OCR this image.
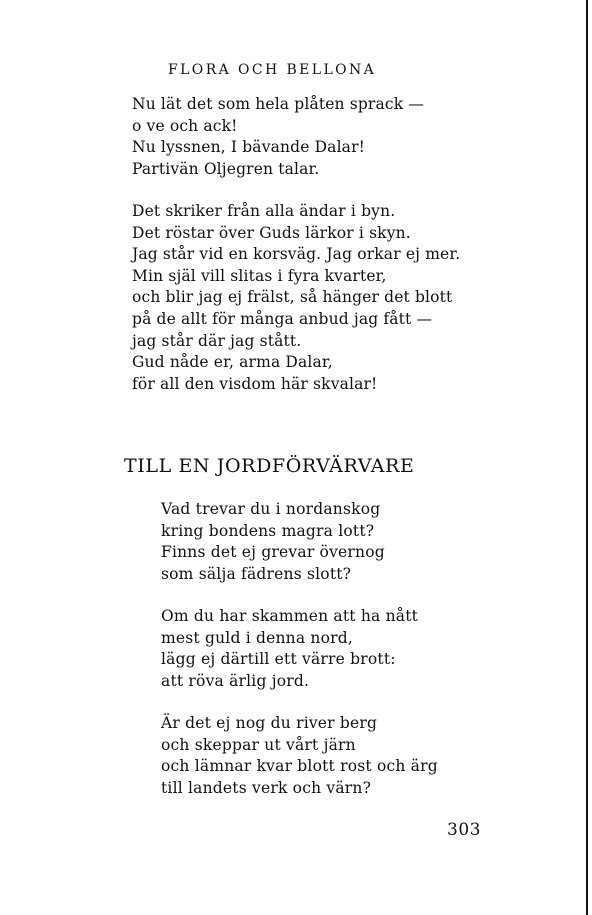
FLORA OCH BELLONA
Nu lät det som hela plåten sprack —
o ve och ack!
Nu lyssnen, I bävande Dalar!
Partivän Oljegren talar.
Det skriker från alla ändar i byn.
Det röstar över Guds lärkor i skyn.
Jag står vid en korsväg. Jag orkar ej mer.
Min själ vill slitas i fyra kvarter,
och blir jag ej frälst, så hänger det blott
på de allt för många anbud jag fått —
jag står där jag stått.
Gud nåde er, arma Dalar,
för all den visdom här skvalar!
TILL EN JORDFÖRVÄRVARE
Vad trevar du i nordanskog
kring bondens magra lott?
Finns det ej grevar övernog
som sälja fädrens slott?
Om du har skammen att ha nått
mest guld i denna nord,
lägg ej därtill ett värre brott:
att röva ärlig jord.
Är det ej nog du river berg
och skeppar ut vårt järn
och lämnar kvar blott rost och ärg
till landets verk och värn?
303
